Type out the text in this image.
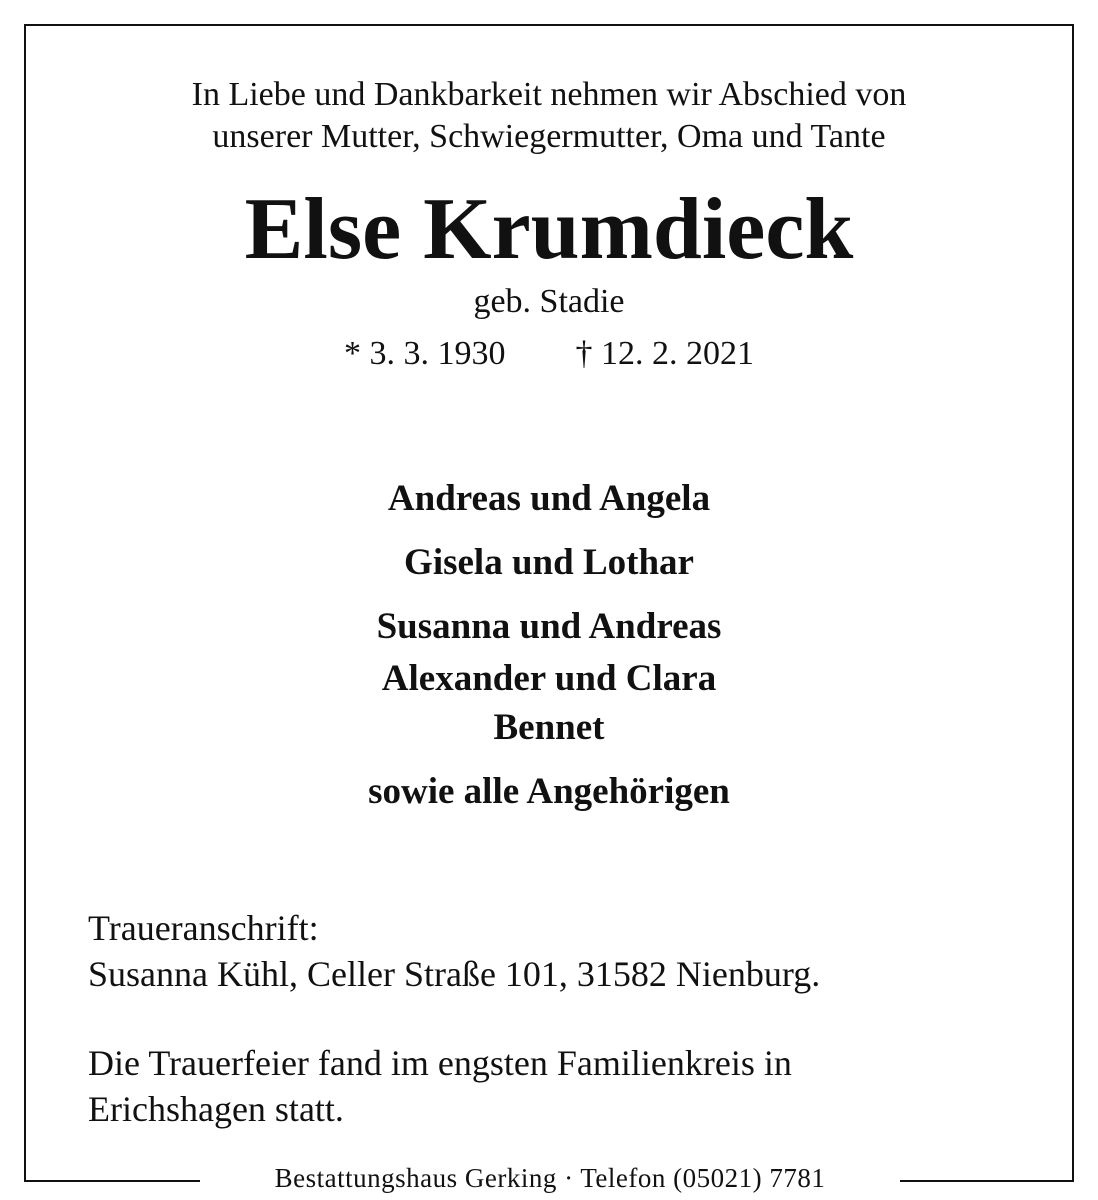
In Liebe und Dankbarkeit nehmen wir Abschied von
unserer Mutter, Schwiegermutter, Oma und Tante
Else Krumdieck
geb. Stadie
* 3. 3. 1930 † 12. 2. 2021
Andreas und Angela
Gisela und Lothar
Susanna und Andreas
Alexander und Clara
Bennet
sowie alle Angehörigen
Traueranschrift:
Susanna Kühl, Celler Straße 101, 31582 Nienburg.
Die Trauerfeier fand im engsten Familienkreis in
Erichshagen statt.
Bestattungshaus Gerking · Telefon (05021) 7781
